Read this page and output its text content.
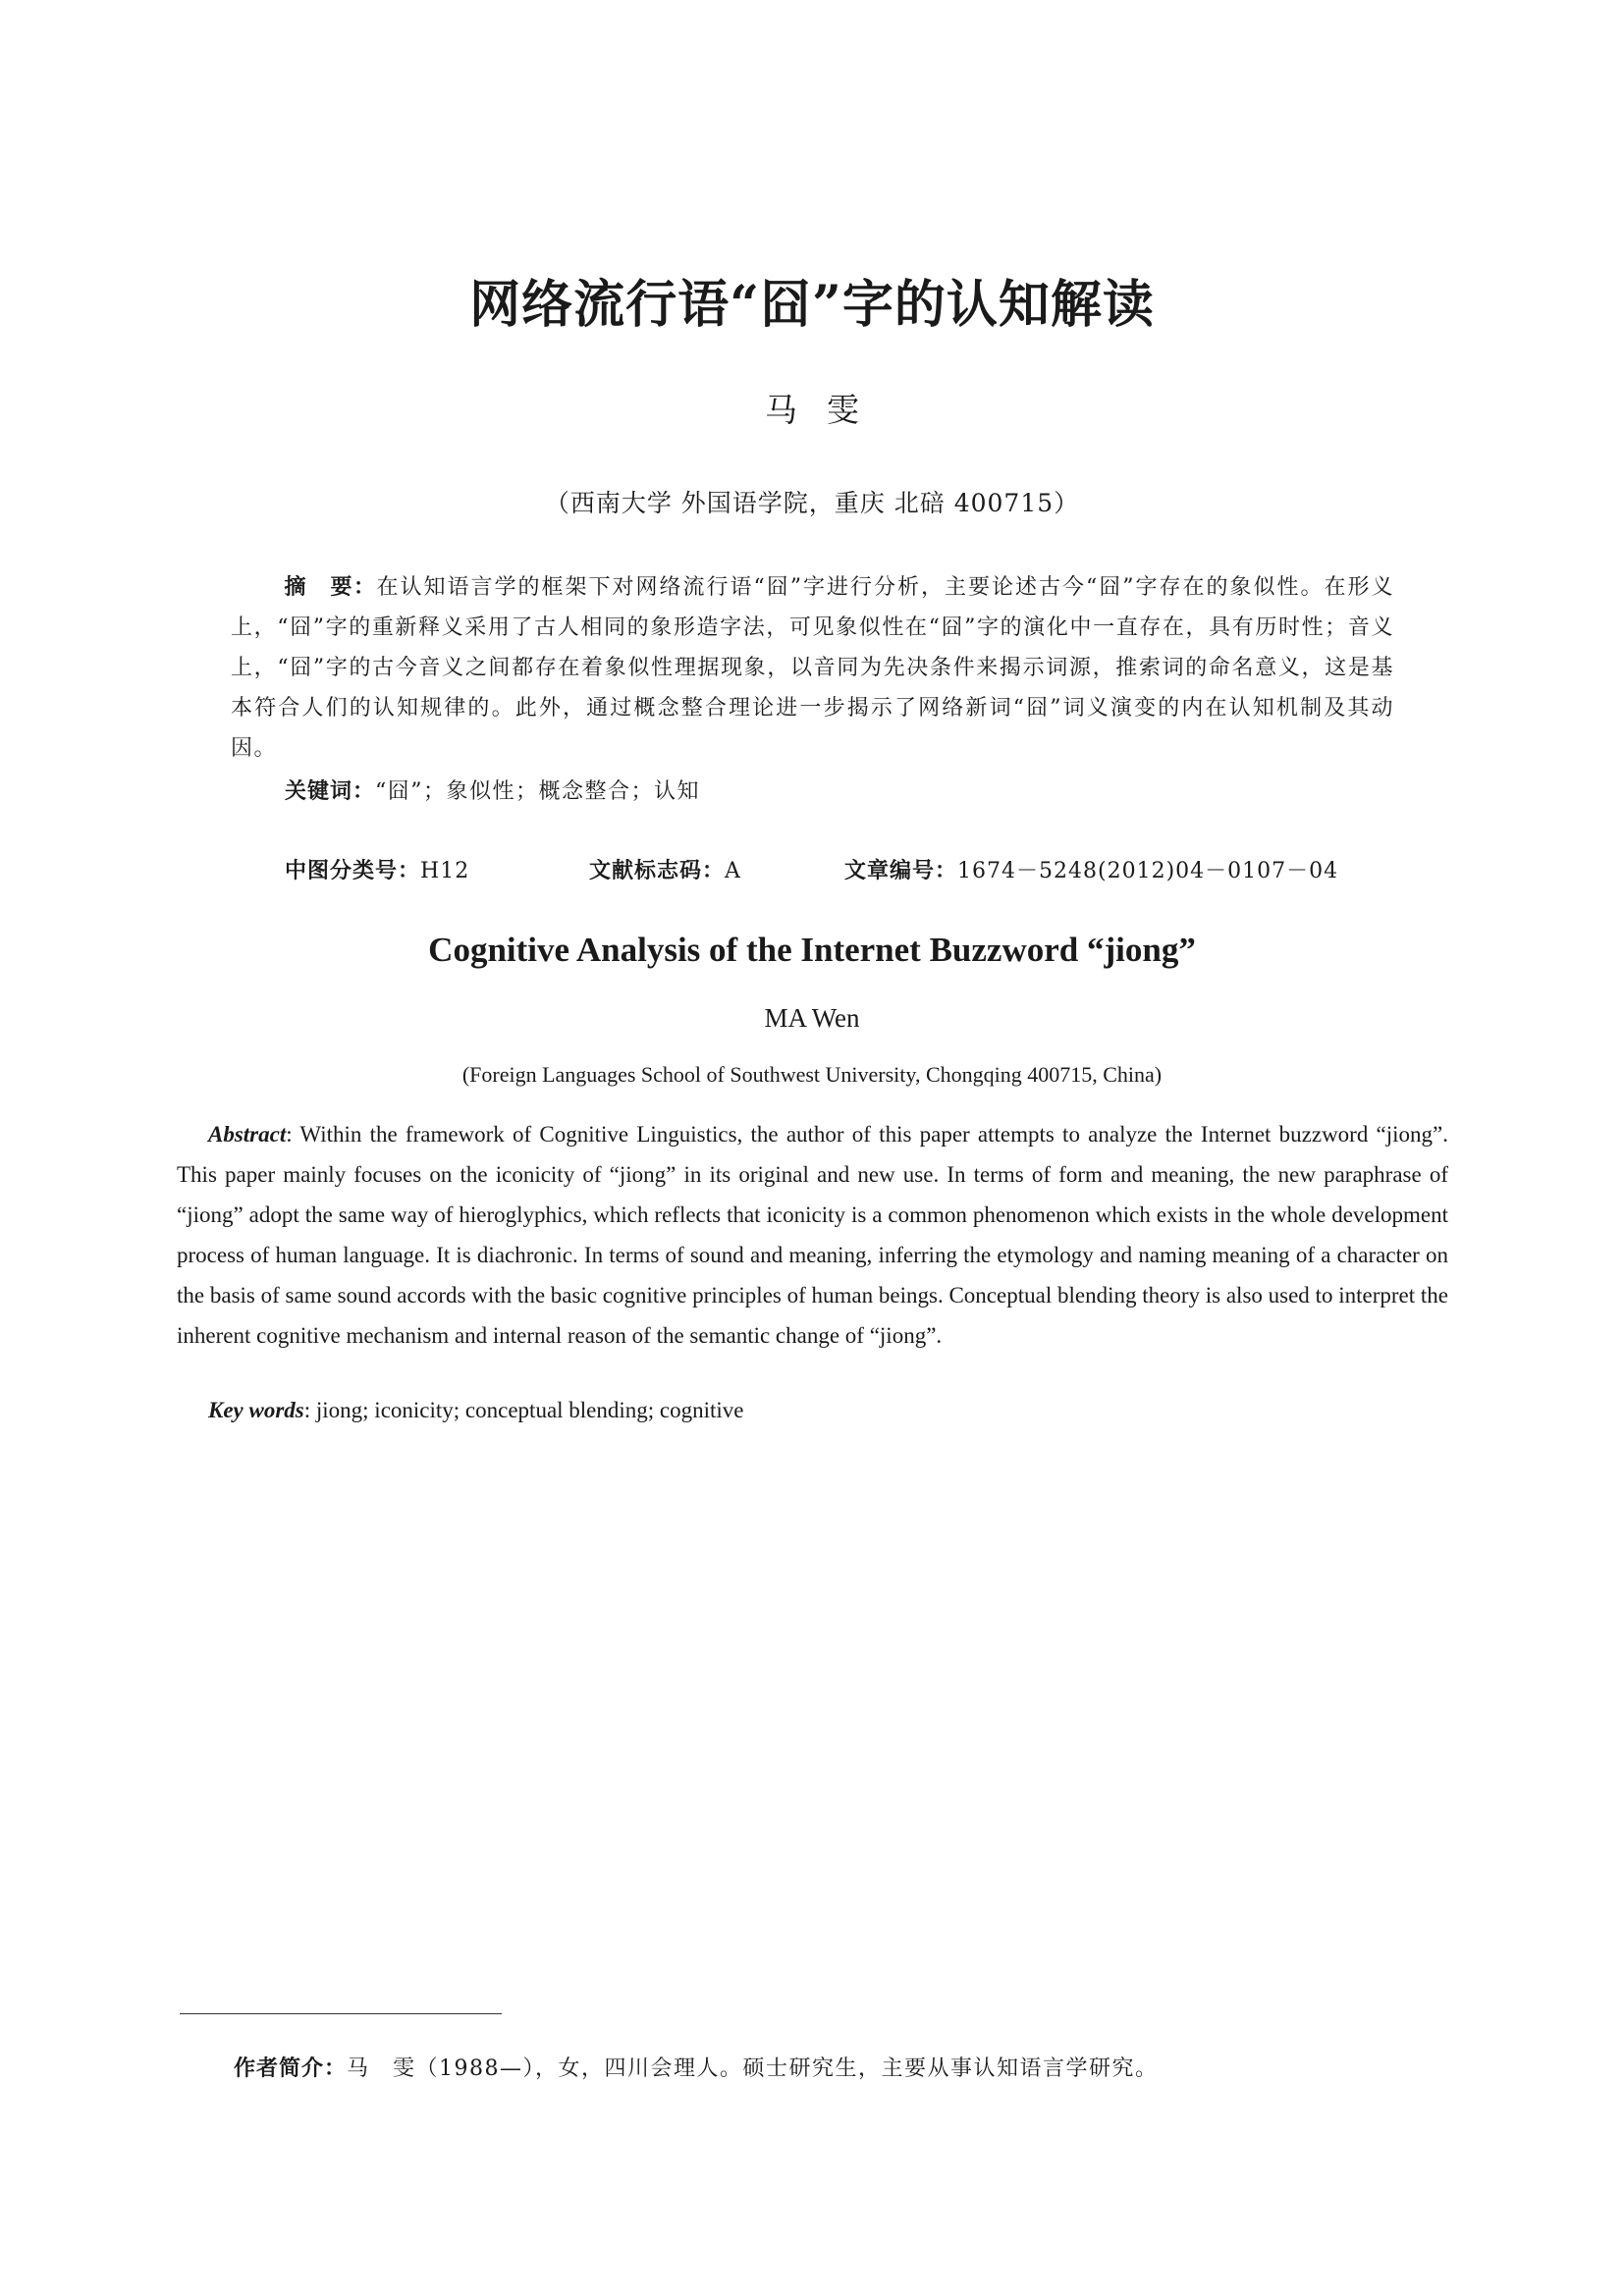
网络流行语“囧”字的认知解读
马雯
（西南大学 外国语学院，重庆 北碚 400715）
摘　要：在认知语言学的框架下对网络流行语“囧”字进行分析，主要论述古今“囧”字存在的象似性。在形义上，“囧”字的重新释义采用了古人相同的象形造字法，可见象似性在“囧”字的演化中一直存在，具有历时性；音义上，“囧”字的古今音义之间都存在着象似性理据现象，以音同为先决条件来揭示词源，推索词的命名意义，这是基本符合人们的认知规律的。此外，通过概念整合理论进一步揭示了网络新词“囧”词义演变的内在认知机制及其动因。
关键词：“囧”；象似性；概念整合；认知
中图分类号：H12	文献标志码：A	文章编号：1674－5248(2012)04－0107－04
Cognitive Analysis of the Internet Buzzword “jiong”
MA Wen
(Foreign Languages School of Southwest University, Chongqing 400715, China)
Abstract: Within the framework of Cognitive Linguistics, the author of this paper attempts to analyze the Internet buzzword “jiong”. This paper mainly focuses on the iconicity of “jiong” in its original and new use. In terms of form and meaning, the new paraphrase of “jiong” adopt the same way of hieroglyphics, which reflects that iconicity is a common phenomenon which exists in the whole development process of human language. It is diachronic. In terms of sound and meaning, inferring the etymology and naming meaning of a character on the basis of same sound accords with the basic cognitive principles of human beings. Conceptual blending theory is also used to interpret the inherent cognitive mechanism and internal reason of the semantic change of “jiong”.
Key words: jiong; iconicity; conceptual blending; cognitive
作者简介：马　雯（1988—），女，四川会理人。硕士研究生，主要从事认知语言学研究。
